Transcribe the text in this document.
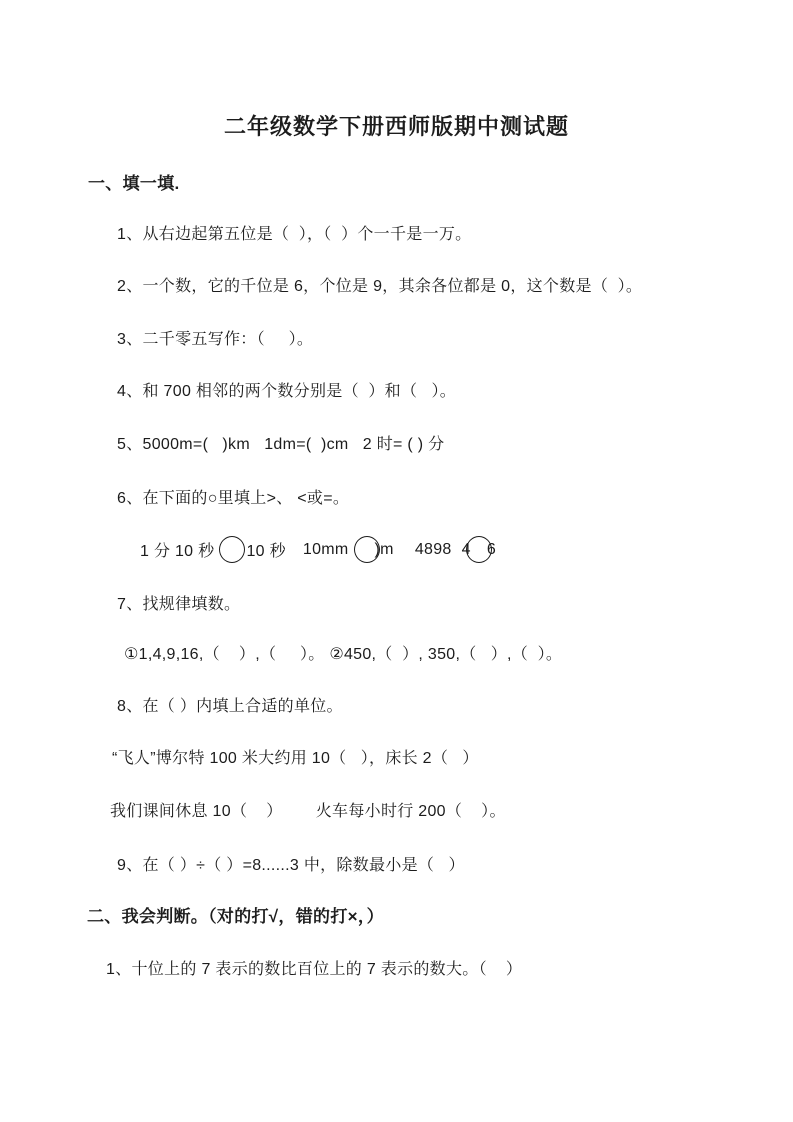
二年级数学下册西师版期中测试题
一、填一填.
1、从右边起第五位是（  ），（  ）个一千是一万。
2、一个数，它的千位是 6，个位是 9，其余各位都是 0，这个数是（  ）。
3、二千零五写作：（     ）。
4、和 700 相邻的两个数分别是（  ）和（   ）。
5、5000m=(   )km   1dm=(  )cm   2 时= ( ) 分
6、在下面的○里填上>、 <或=。
1 分 10 秒 10 秒 10mm )m 4898 4 6
7、找规律填数。
①1,4,9,16,（    ）,（     ）。 ②450,（  ）, 350,（   ）,（  ）。
8、在（ ）内填上合适的单位。
“飞人”博尔特 100 米大约用 10（   ），床长 2（   ）
我们课间休息 10（    ）       火车每小时行 200（    ）。
9、在（ ）÷（ ）=8......3 中，除数最小是（   ）
二、我会判断。（对的打√，错的打×，）
1、十位上的 7 表示的数比百位上的 7 表示的数大。（    ）
